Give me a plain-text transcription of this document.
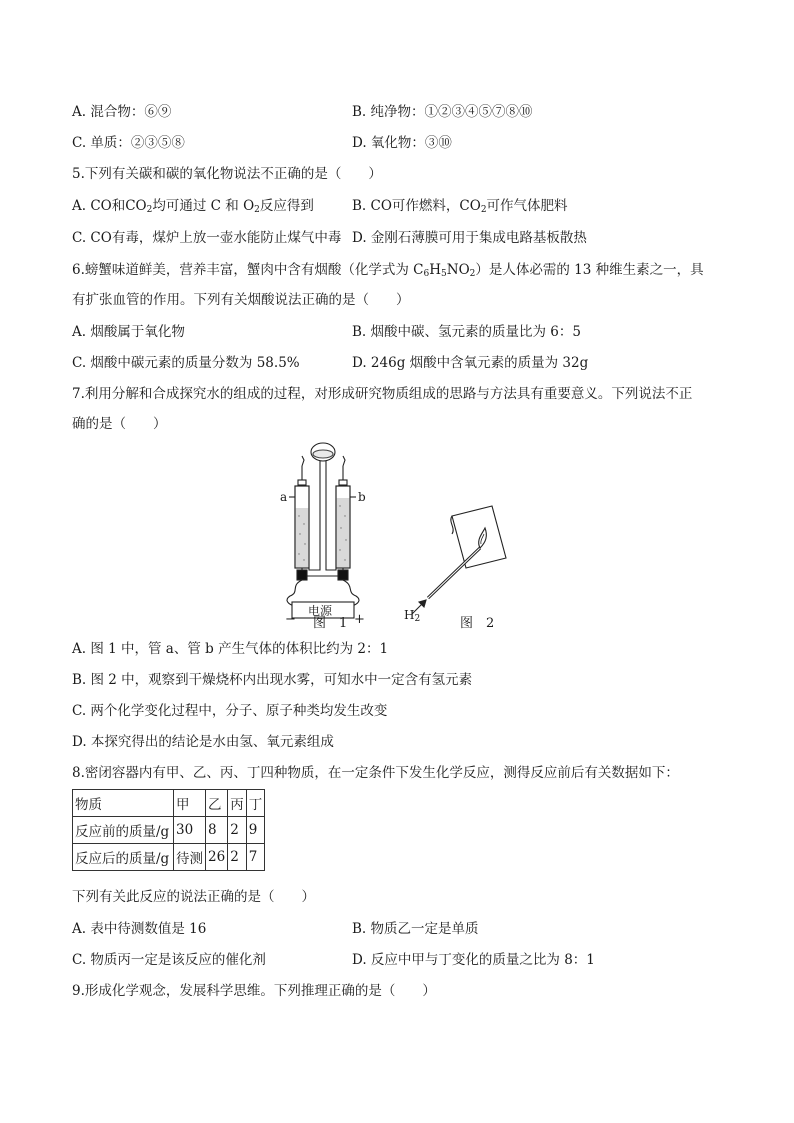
A. 混合物：⑥⑨	B. 纯净物：①②③④⑤⑦⑧⑩
C. 单质：②③⑤⑧	D. 氧化物：③⑩
5.下列有关碳和碳的氧化物说法不正确的是（　　）
A. CO和$CO_2$均可通过 C 和 $O_2$反应得到	B. CO可作燃料，$CO_2$可作气体肥料
C. CO有毒，煤炉上放一壶水能防止煤气中毒 D. 金刚石薄膜可用于集成电路基板散热
6.螃蟹味道鲜美，营养丰富，蟹肉中含有烟酸（化学式为 $C_6H_5NO_2$）是人体必需的 13 种维生素之一，具
有扩张血管的作用。下列有关烟酸说法正确的是（　　）
A. 烟酸属于氧化物	B. 烟酸中碳、氢元素的质量比为 6：5
C. 烟酸中碳元素的质量分数为 58.5%	D. 246g 烟酸中含氧元素的质量为 32g
7.利用分解和合成探究水的组成的过程，对形成研究物质组成的思路与方法具有重要意义。下列说法不正
确的是（　　）
a	b
电源
−	+	$H_2$
图　1	图　2
A. 图 1 中，管 a、管 b 产生气体的体积比约为 2：1
B. 图 2 中，观察到干燥烧杯内出现水雾，可知水中一定含有氢元素
C. 两个化学变化过程中，分子、原子种类均发生改变
D. 本探究得出的结论是水由氢、氧元素组成
8.密闭容器内有甲、乙、丙、丁四种物质，在一定条件下发生化学反应，测得反应前后有关数据如下：
物质	甲	乙	丙	丁
反应前的质量/g	30	8	2	9
反应后的质量/g	待测	26	2	7
下列有关此反应的说法正确的是（　　）
A. 表中待测数值是 16	B. 物质乙一定是单质
C. 物质丙一定是该反应的催化剂	D. 反应中甲与丁变化的质量之比为 8：1
9.形成化学观念，发展科学思维。下列推理正确的是（　　）
